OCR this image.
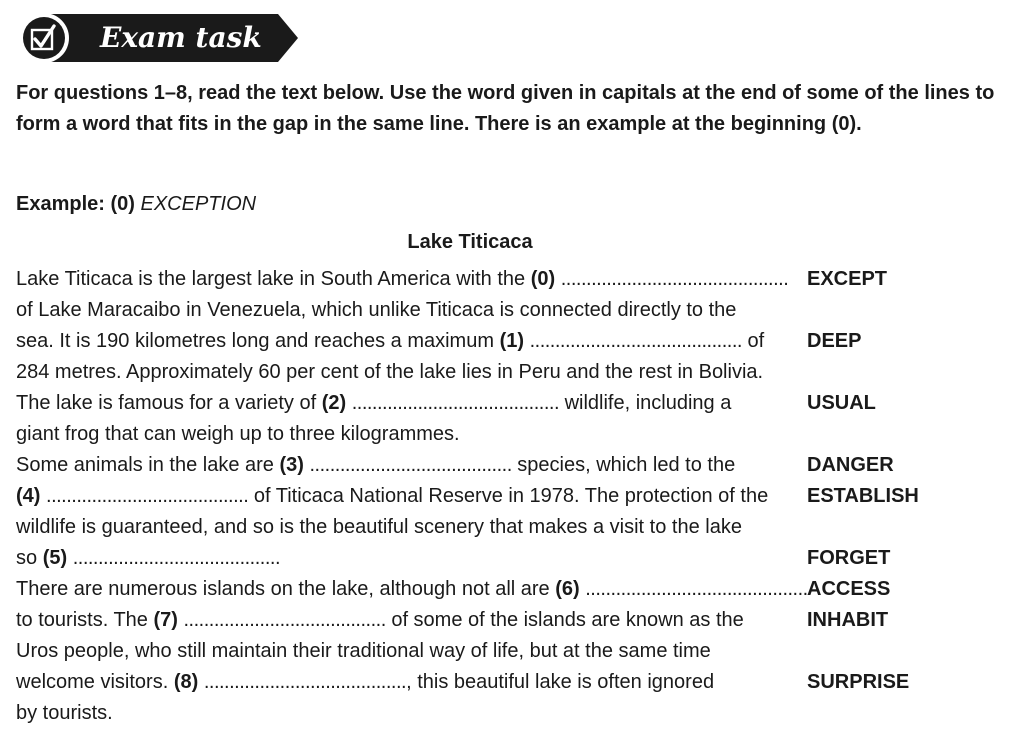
Exam task

For questions 1–8, read the text below. Use the word given in capitals at the end of some of the lines to form a word that fits in the gap in the same line. There is an example at the beginning (0).

Example: (0) EXCEPTION
Lake Titicaca
Lake Titicaca is the largest lake in South America with the (0) ............................................. EXCEPT
of Lake Maracaibo in Venezuela, which unlike Titicaca is connected directly to the
sea. It is 190 kilometres long and reaches a maximum (1) .......................................... of DEEP
284 metres. Approximately 60 per cent of the lake lies in Peru and the rest in Bolivia.
The lake is famous for a variety of (2) ......................................... wildlife, including a	USUAL
giant frog that can weigh up to three kilogrammes.
Some animals in the lake are (3) ........................................ species, which led to the	DANGER
(4) ........................................ of Titicaca National Reserve in 1978. The protection of the ESTABLISH
wildlife is guaranteed, and so is the beautiful scenery that makes a visit to the lake
so (5) .........................................	FORGET
There are numerous islands on the lake, although not all are (6) ............................................ ACCESS
to tourists. The (7) ........................................ of some of the islands are known as the	INHABIT
Uros people, who still maintain their traditional way of life, but at the same time
welcome visitors. (8) ........................................, this beautiful lake is often ignored	SURPRISE
by tourists.
